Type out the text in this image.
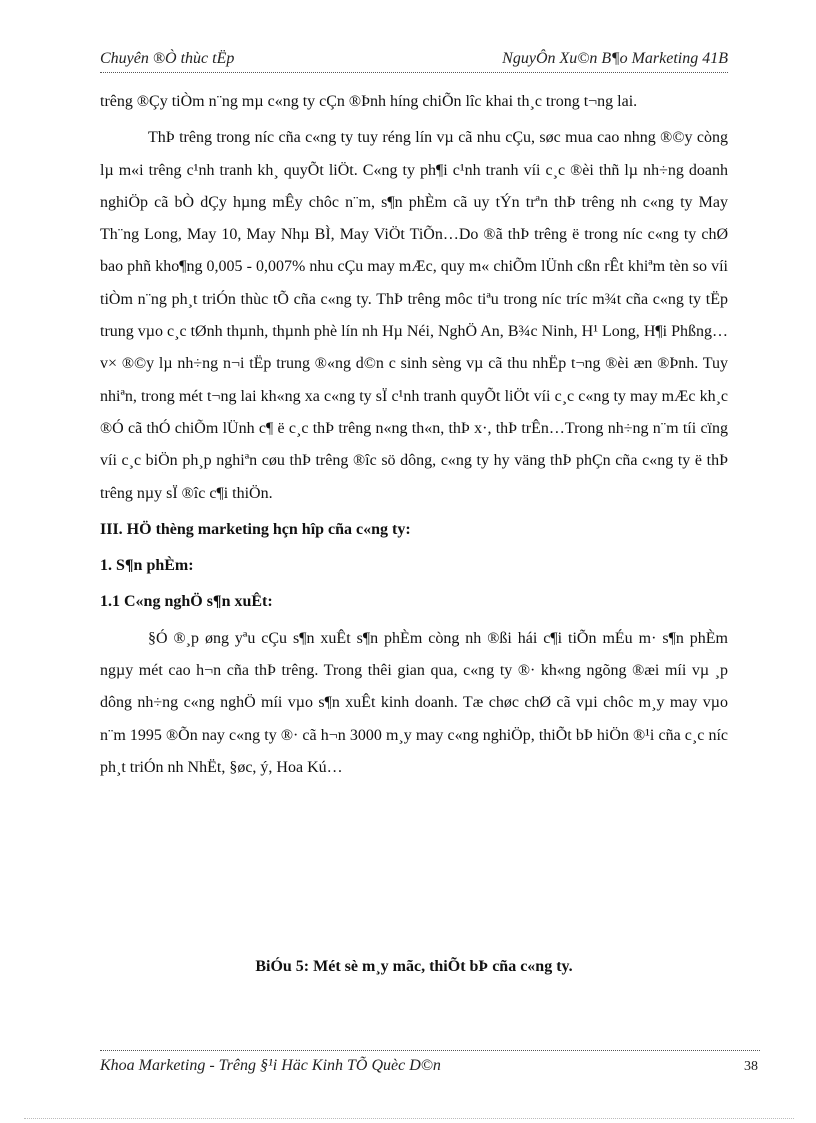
Chuyên ®Ò thùc tËp	NguyÔn Xu©n B¶o Marketing 41B

trêng ®Çy tiÒm n¨ng mµ c«ng ty cÇn ®Þnh híng chiÕn lîc khai th¸c trong t¬ng lai.

ThÞ trêng trong níc cña c«ng ty tuy réng lín vµ cã nhu cÇu, søc mua cao nhng ®©y còng lµ m«i trêng c¹nh tranh kh¸ quyÕt liÖt. C«ng ty ph¶i c¹nh tranh víi c¸c ®èi thñ lµ nh÷ng doanh nghiÖp cã bÒ dÇy hµng mÊy chôc n¨m, s¶n phÈm cã uy tÝn trªn thÞ trêng nh c«ng ty May Th¨ng Long, May 10, May Nhµ BÌ, May ViÖt TiÕn…Do ®ã thÞ trêng ë trong níc c«ng ty chØ bao phñ kho¶ng 0,005 - 0,007% nhu cÇu may mÆc, quy m« chiÕm lÜnh cßn rÊt khiªm tèn so víi tiÒm n¨ng ph¸t triÓn thùc tÕ cña c«ng ty. ThÞ trêng môc tiªu trong níc tríc m¾t cña c«ng ty tËp trung vµo c¸c tØnh thµnh, thµnh phè lín nh Hµ Néi, NghÖ An, B¾c Ninh, H¹ Long, H¶i Phßng…v× ®©y lµ nh÷ng n¬i tËp trung ®«ng d©n c sinh sèng vµ cã thu nhËp t¬ng ®èi æn ®Þnh. Tuy nhiªn, trong mét t¬ng lai kh«ng xa c«ng ty sÏ c¹nh tranh quyÕt liÖt víi c¸c c«ng ty may mÆc kh¸c ®Ó cã thÓ chiÕm lÜnh c¶ ë c¸c thÞ trêng n«ng th«n, thÞ x·, thÞ trÊn…Trong nh÷ng n¨m tíi cïng víi c¸c biÖn ph¸p nghiªn cøu thÞ trêng ®îc sö dông, c«ng ty hy väng thÞ phÇn cña c«ng ty ë thÞ trêng nµy sÏ ®îc c¶i thiÖn.

III. HÖ thèng marketing hçn hîp cña c«ng ty:

1. S¶n phÈm:

1.1 C«ng nghÖ s¶n xuÊt:

§Ó ®¸p øng yªu cÇu s¶n xuÊt s¶n phÈm còng nh ®ßi hái c¶i tiÕn mÉu m· s¶n phÈm ngµy mét cao h¬n cña thÞ trêng. Trong thêi gian qua, c«ng ty ®· kh«ng ngõng ®æi míi vµ ¸p dông nh÷ng c«ng nghÖ míi vµo s¶n xuÊt kinh doanh. Tæ chøc chØ cã vµi chôc m¸y may vµo n¨m 1995 ®Õn nay c«ng ty ®· cã h¬n 3000 m¸y may c«ng nghiÖp, thiÕt bÞ hiÖn ®¹i cña c¸c níc ph¸t triÓn nh NhËt, §øc, ý, Hoa Kú…

BiÓu 5: Mét sè m¸y mãc, thiÕt bÞ cña c«ng ty.
Khoa Marketing - Trêng §¹i Häc Kinh TÕ Quèc D©n	38
